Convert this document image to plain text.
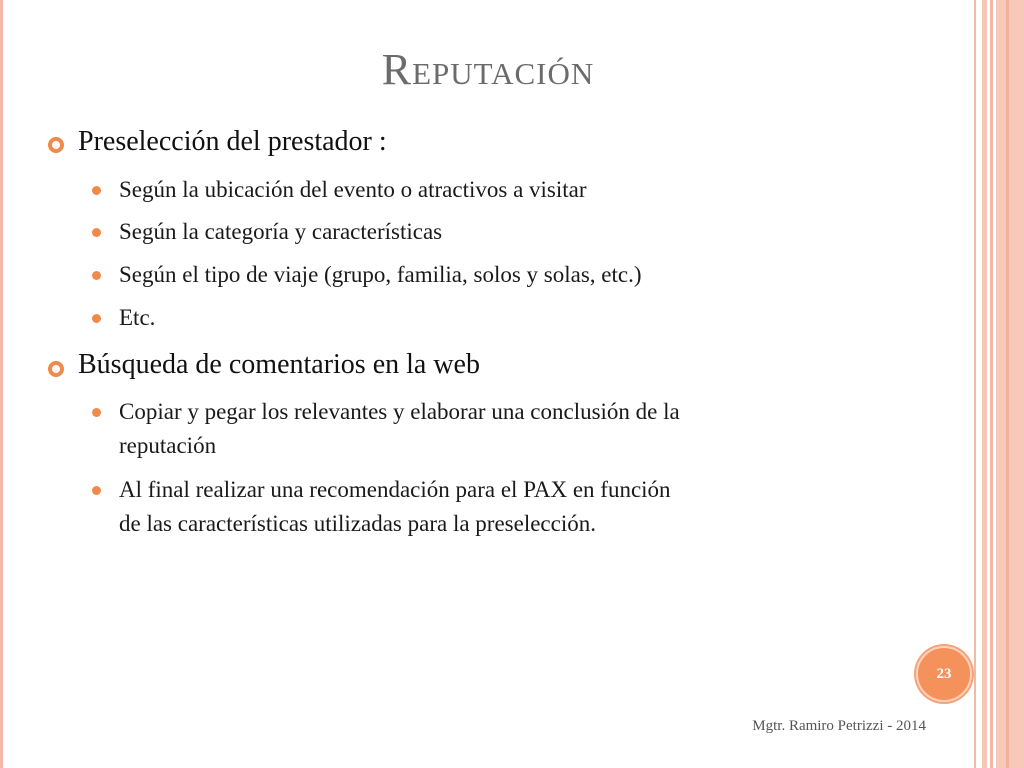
Reputación
Preselección del prestador :
Según la ubicación del evento o atractivos a visitar
Según la categoría y características
Según el tipo de viaje (grupo, familia, solos y solas, etc.)
Etc.
Búsqueda de comentarios en la web
Copiar y pegar los relevantes y elaborar una conclusión de la
reputación
Al final realizar una recomendación para el PAX en función
de las características utilizadas para la preselección.
23
Mgtr. Ramiro Petrizzi - 2014
